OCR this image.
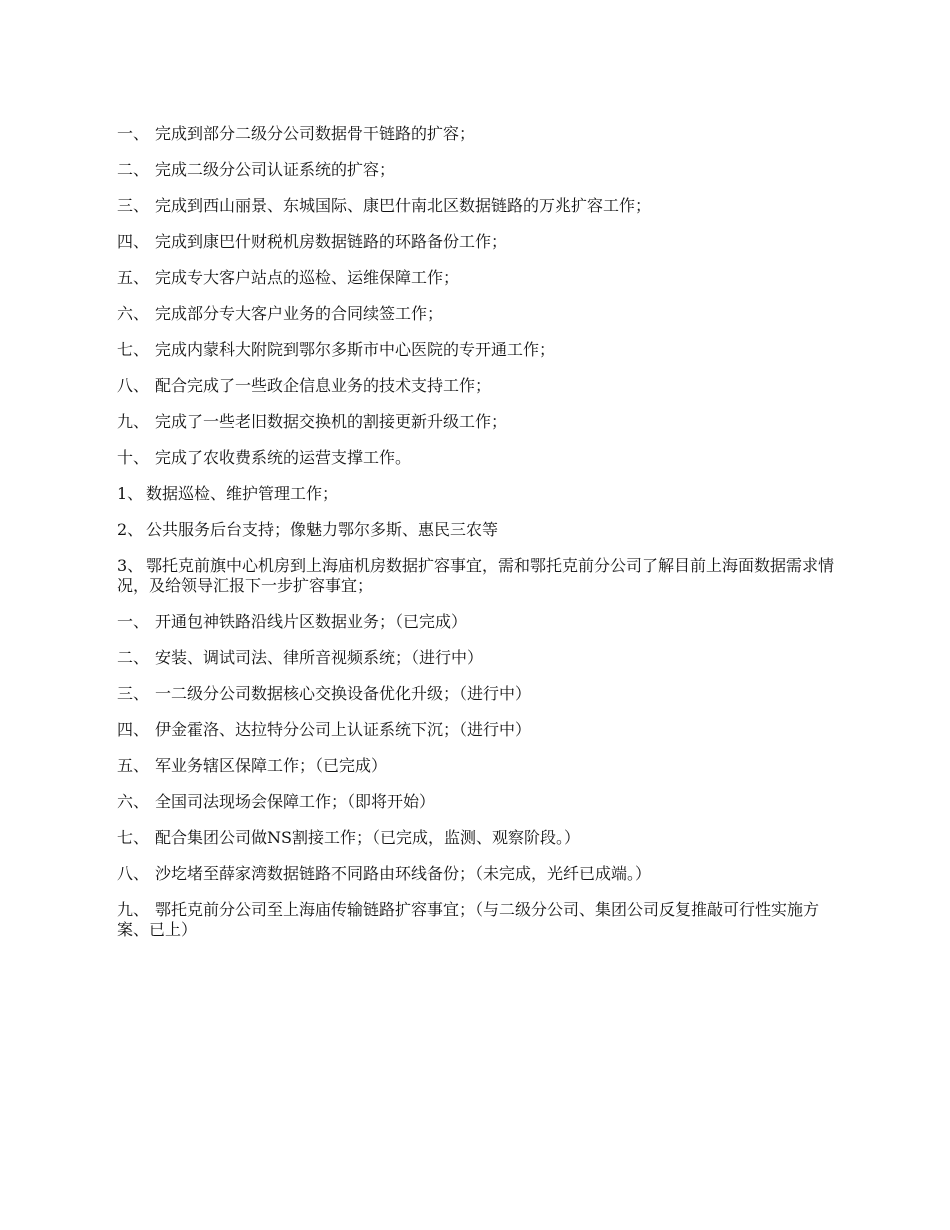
一、 完成到部分二级分公司数据骨干链路的扩容；
二、 完成二级分公司认证系统的扩容；
三、 完成到西山丽景、东城国际、康巴什南北区数据链路的万兆扩容工作；
四、 完成到康巴什财税机房数据链路的环路备份工作；
五、 完成专大客户站点的巡检、运维保障工作；
六、 完成部分专大客户业务的合同续签工作；
七、 完成内蒙科大附院到鄂尔多斯市中心医院的专开通工作；
八、 配合完成了一些政企信息业务的技术支持工作；
九、 完成了一些老旧数据交换机的割接更新升级工作；
十、 完成了农收费系统的运营支撑工作。
1、 数据巡检、维护管理工作；
2、 公共服务后台支持；像魅力鄂尔多斯、惠民三农等
3、 鄂托克前旗中心机房到上海庙机房数据扩容事宜，需和鄂托克前分公司了解目前上海面数据需求情况，及给领导汇报下一步扩容事宜；
一、 开通包神铁路沿线片区数据业务；（已完成）
二、 安装、调试司法、律所音视频系统；（进行中）
三、 一二级分公司数据核心交换设备优化升级；（进行中）
四、 伊金霍洛、达拉特分公司上认证系统下沉；（进行中）
五、 军业务辖区保障工作；（已完成）
六、 全国司法现场会保障工作；（即将开始）
七、 配合集团公司做NS割接工作；（已完成，监测、观察阶段。）
八、 沙圪堵至薛家湾数据链路不同路由环线备份；（未完成，光纤已成端。）
九、 鄂托克前分公司至上海庙传输链路扩容事宜；（与二级分公司、集团公司反复推敲可行性实施方案、已上）
